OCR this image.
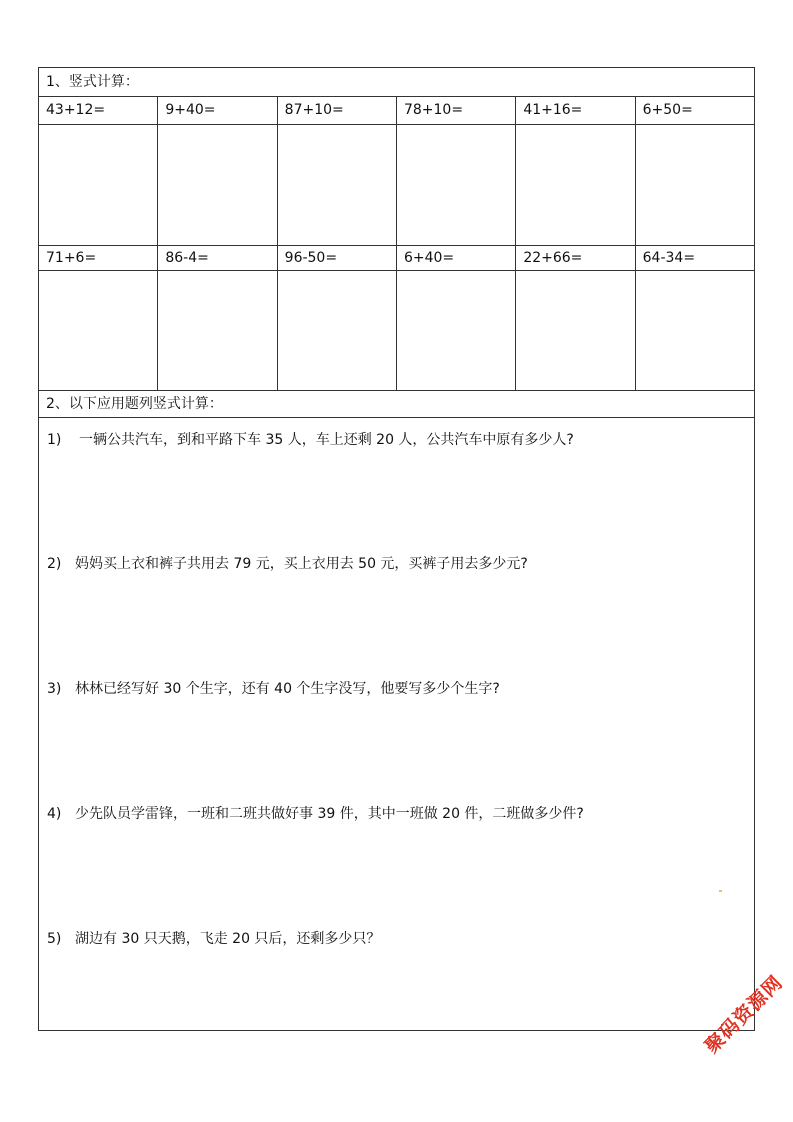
1、竖式计算：
43+12=	9+40=	87+10=	78+10=	41+16=	6+50=
71+6=	86-4=	96-50=	6+40=	22+66=	64-34=
2、以下应用题列竖式计算：
1) 一辆公共汽车，到和平路下车 35 人，车上还剩 20 人，公共汽车中原有多少人?
2) 妈妈买上衣和裤子共用去 79 元，买上衣用去 50 元，买裤子用去多少元?
3) 林林已经写好 30 个生字，还有 40 个生字没写，他要写多少个生字?
4) 少先队员学雷锋，一班和二班共做好事 39 件，其中一班做 20 件，二班做多少件?
5) 湖边有 30 只天鹅，飞走 20 只后，还剩多少只？
聚码资源网
